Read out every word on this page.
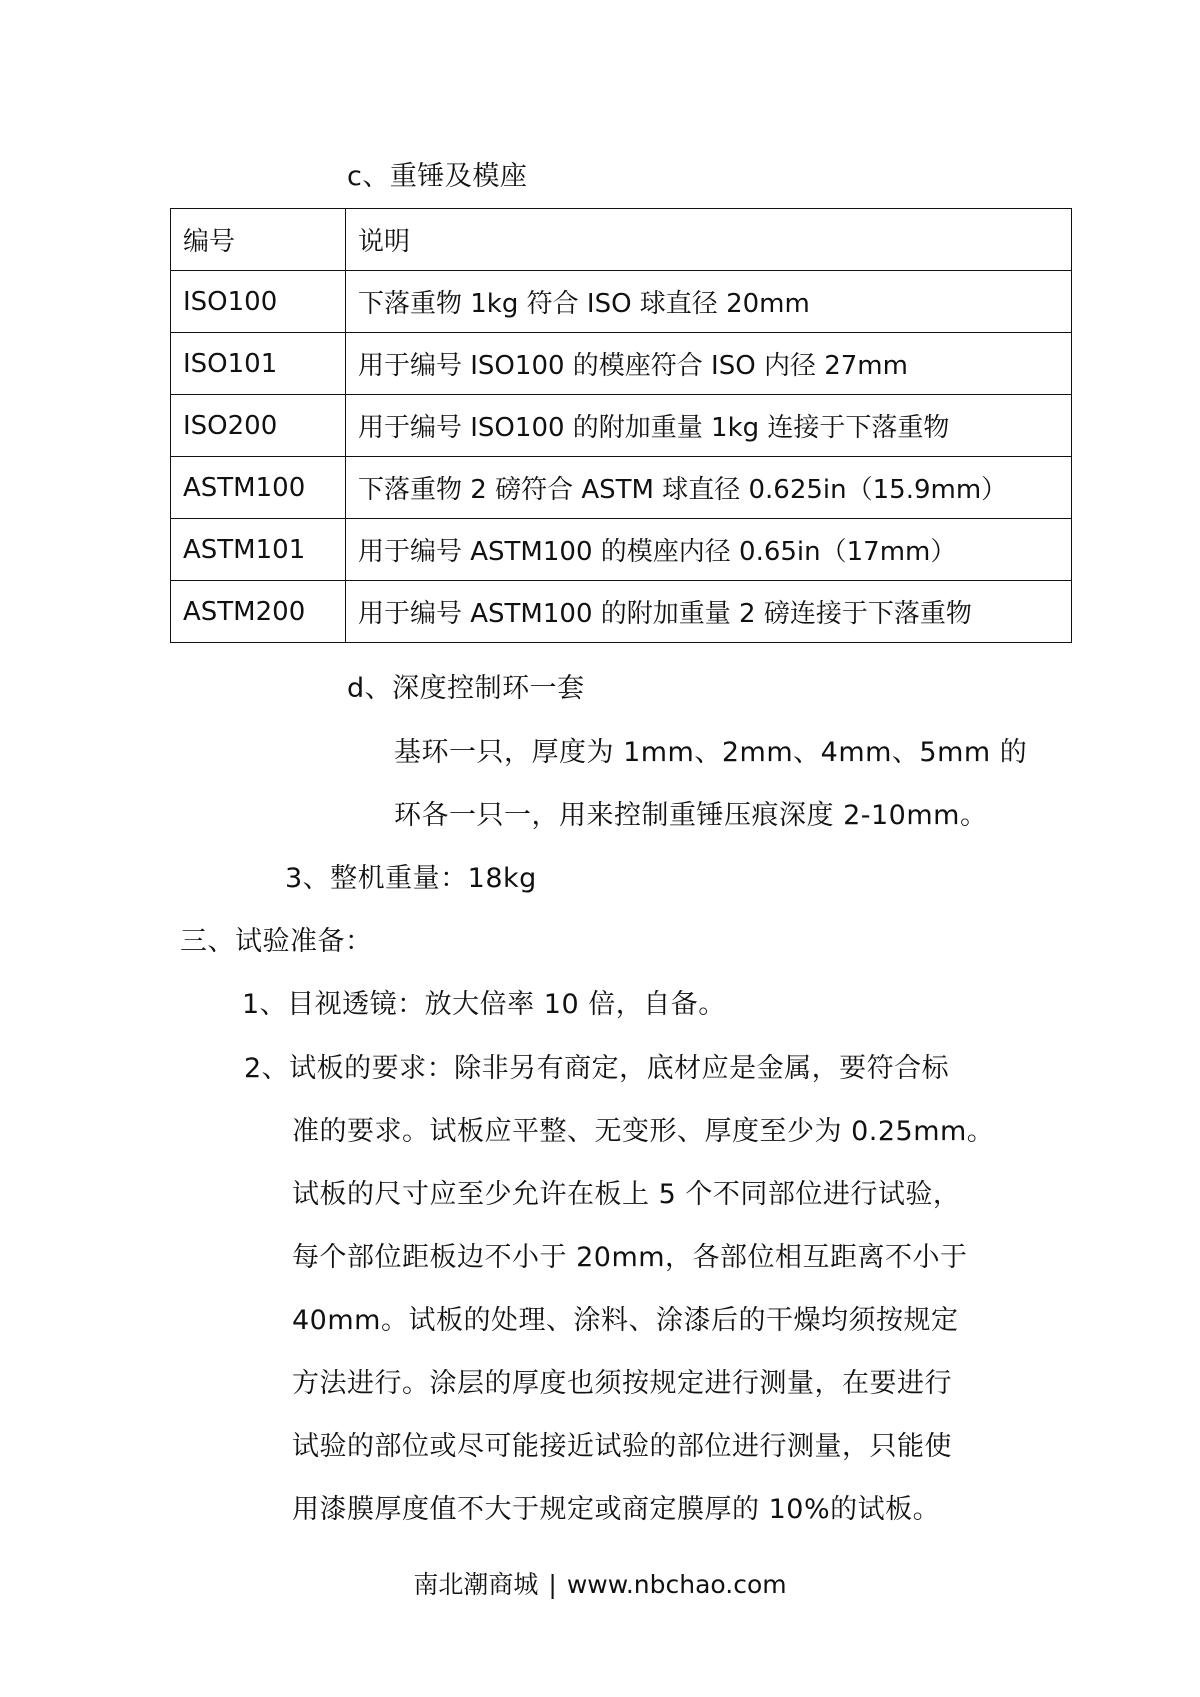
c、重锤及模座
编号	说明
ISO100	下落重物 1kg 符合 ISO 球直径 20mm
ISO101	用于编号 ISO100 的模座符合 ISO 内径 27mm
ISO200	用于编号 ISO100 的附加重量 1kg 连接于下落重物
ASTM100	下落重物 2 磅符合 ASTM 球直径 0.625in（15.9mm）
ASTM101	用于编号 ASTM100 的模座内径 0.65in（17mm）
ASTM200	用于编号 ASTM100 的附加重量 2 磅连接于下落重物
d、深度控制环一套
基环一只，厚度为 1mm、2mm、4mm、5mm 的
环各一只一，用来控制重锤压痕深度 2-10mm。
3、整机重量：18kg
三、试验准备：
1、目视透镜：放大倍率 10 倍，自备。
2、试板的要求：除非另有商定，底材应是金属，要符合标
准的要求。试板应平整、无变形、厚度至少为 0.25mm。
试板的尺寸应至少允许在板上 5 个不同部位进行试验，
每个部位距板边不小于 20mm，各部位相互距离不小于
40mm。试板的处理、涂料、涂漆后的干燥均须按规定
方法进行。涂层的厚度也须按规定进行测量，在要进行
试验的部位或尽可能接近试验的部位进行测量，只能使
用漆膜厚度值不大于规定或商定膜厚的 10%的试板。
南北潮商城 | www.nbchao.com
